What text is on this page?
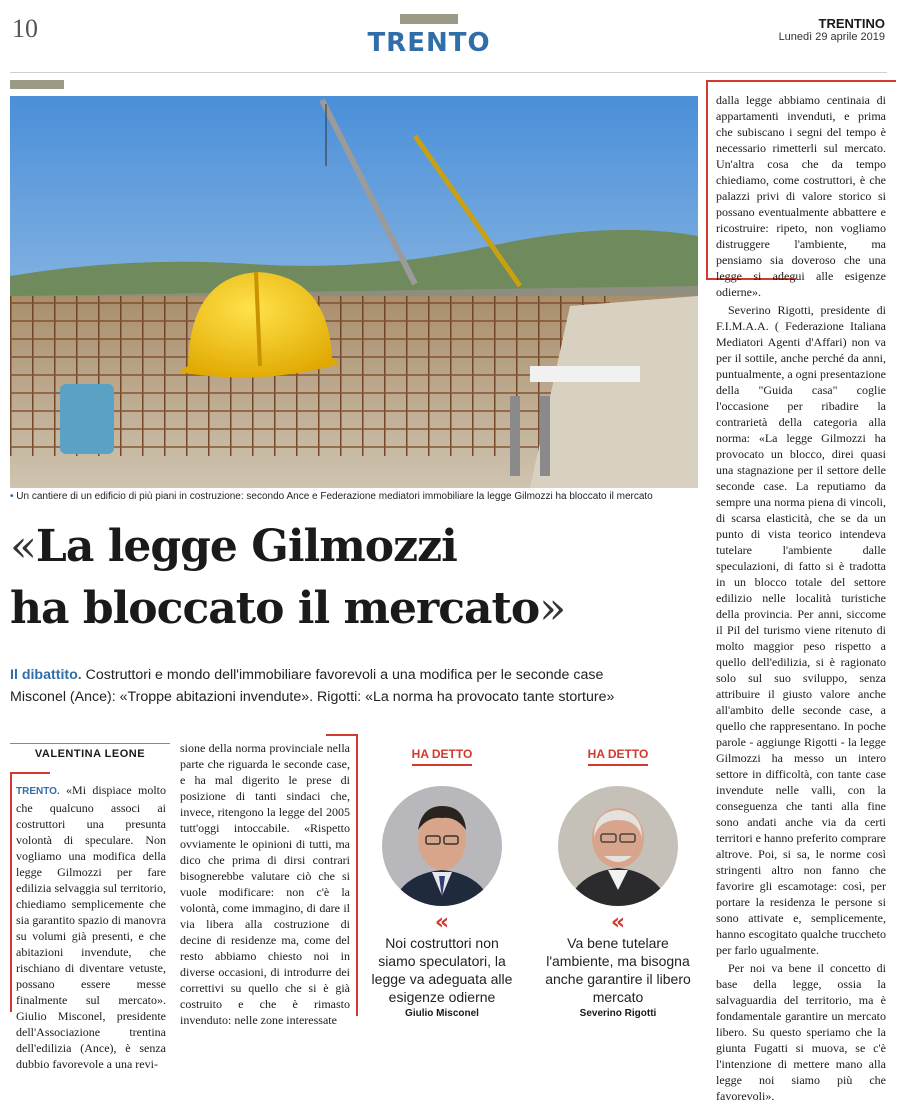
10	TRENTO
TRENTINO
Lunedì 29 aprile 2019
• Un cantiere di un edificio di più piani in costruzione: secondo Ance e Federazione mediatori immobiliare la legge Gilmozzi ha bloccato il mercato
«La legge Gilmozzi
ha bloccato il mercato»
Il dibattito. Costruttori e mondo dell'immobiliare favorevoli a una modifica per le seconde case
Misconel (Ance): «Troppe abitazioni invendute». Rigotti: «La norma ha provocato tante storture»
VALENTINA LEONE
TRENTO. «Mi dispiace molto che qualcuno associ ai costruttori una presunta volontà di speculare. Non vogliamo una modifica della legge Gilmozzi per fare edilizia selvaggia sul territorio, chiediamo semplicemente che sia garantito spazio di manovra su volumi già presenti, e che abitazioni invendute, che rischiano di diventare vetuste, possano essere messe finalmente sul mercato». Giulio Misconel, presidente dell'Associazione trentina dell'edilizia (Ance), è senza dubbio favorevole a una revi-
sione della norma provinciale nella parte che riguarda le seconde case, e ha mal digerito le prese di posizione di tanti sindaci che, invece, ritengono la legge del 2005 tutt'oggi intoccabile. «Rispetto ovviamente le opinioni di tutti, ma dico che prima di dirsi contrari bisognerebbe valutare ciò che si vuole modificare: non c'è la volontà, come immagino, di dare il via libera alla costruzione di decine di residenze ma, come del resto abbiamo chiesto noi in diverse occasioni, di introdurre dei correttivi su quello che si è già costruito e che è rimasto invenduto: nelle zone interessate
HA DETTO
«
Noi costruttori non siamo speculatori, la legge va adeguata alle esigenze odierne
Giulio Misconel
HA DETTO
«
Va bene tutelare l'ambiente, ma bisogna anche garantire il libero mercato
Severino Rigotti

dalla legge abbiamo centinaia di appartamenti invenduti, e prima che subiscano i segni del tempo è necessario rimetterli sul mercato. Un'altra cosa che da tempo chiediamo, come costruttori, è che palazzi privi di valore storico si possano eventualmente abbattere e ricostruire: ripeto, non vogliamo distruggere l'ambiente, ma pensiamo sia doveroso che una legge si adegui alle esigenze odierne».

Severino Rigotti, presidente di F.I.M.A.A. ( Federazione Italiana Mediatori Agenti d'Affari) non va per il sottile, anche perché da anni, puntualmente, a ogni presentazione della "Guida casa" coglie l'occasione per ribadire la contrarietà della categoria alla norma: «La legge Gilmozzi ha provocato un blocco, direi quasi una stagnazione per il settore delle seconde case. La reputiamo da sempre una norma piena di vincoli, di scarsa elasticità, che se da un punto di vista teorico intendeva tutelare l'ambiente dalle speculazioni, di fatto si è tradotta in un blocco totale del settore edilizio nelle località turistiche della provincia. Per anni, siccome il Pil del turismo viene ritenuto di molto maggior peso rispetto a quello dell'edilizia, si è ragionato solo sul suo sviluppo, senza attribuire il giusto valore anche all'ambito delle seconde case, a quello che rappresentano. In poche parole - aggiunge Rigotti - la legge Gilmozzi ha messo un intero settore in difficoltà, con tante case invendute nelle valli, con la conseguenza che tanti alla fine sono andati anche via da certi territori e hanno preferito comprare altrove. Poi, si sa, le norme così stringenti altro non fanno che favorire gli escamotage: così, per portare la residenza le persone si sono attivate e, semplicemente, hanno escogitato qualche truccheto per farlo ugualmente.

Per noi va bene il concetto di base della legge, ossia la salvaguardia del territorio, ma è fondamentale garantire un mercato libero. Su questo speriamo che la giunta Fugatti si muova, se c'è l'intenzione di mettere mano alla legge noi siamo più che favorevoli».
